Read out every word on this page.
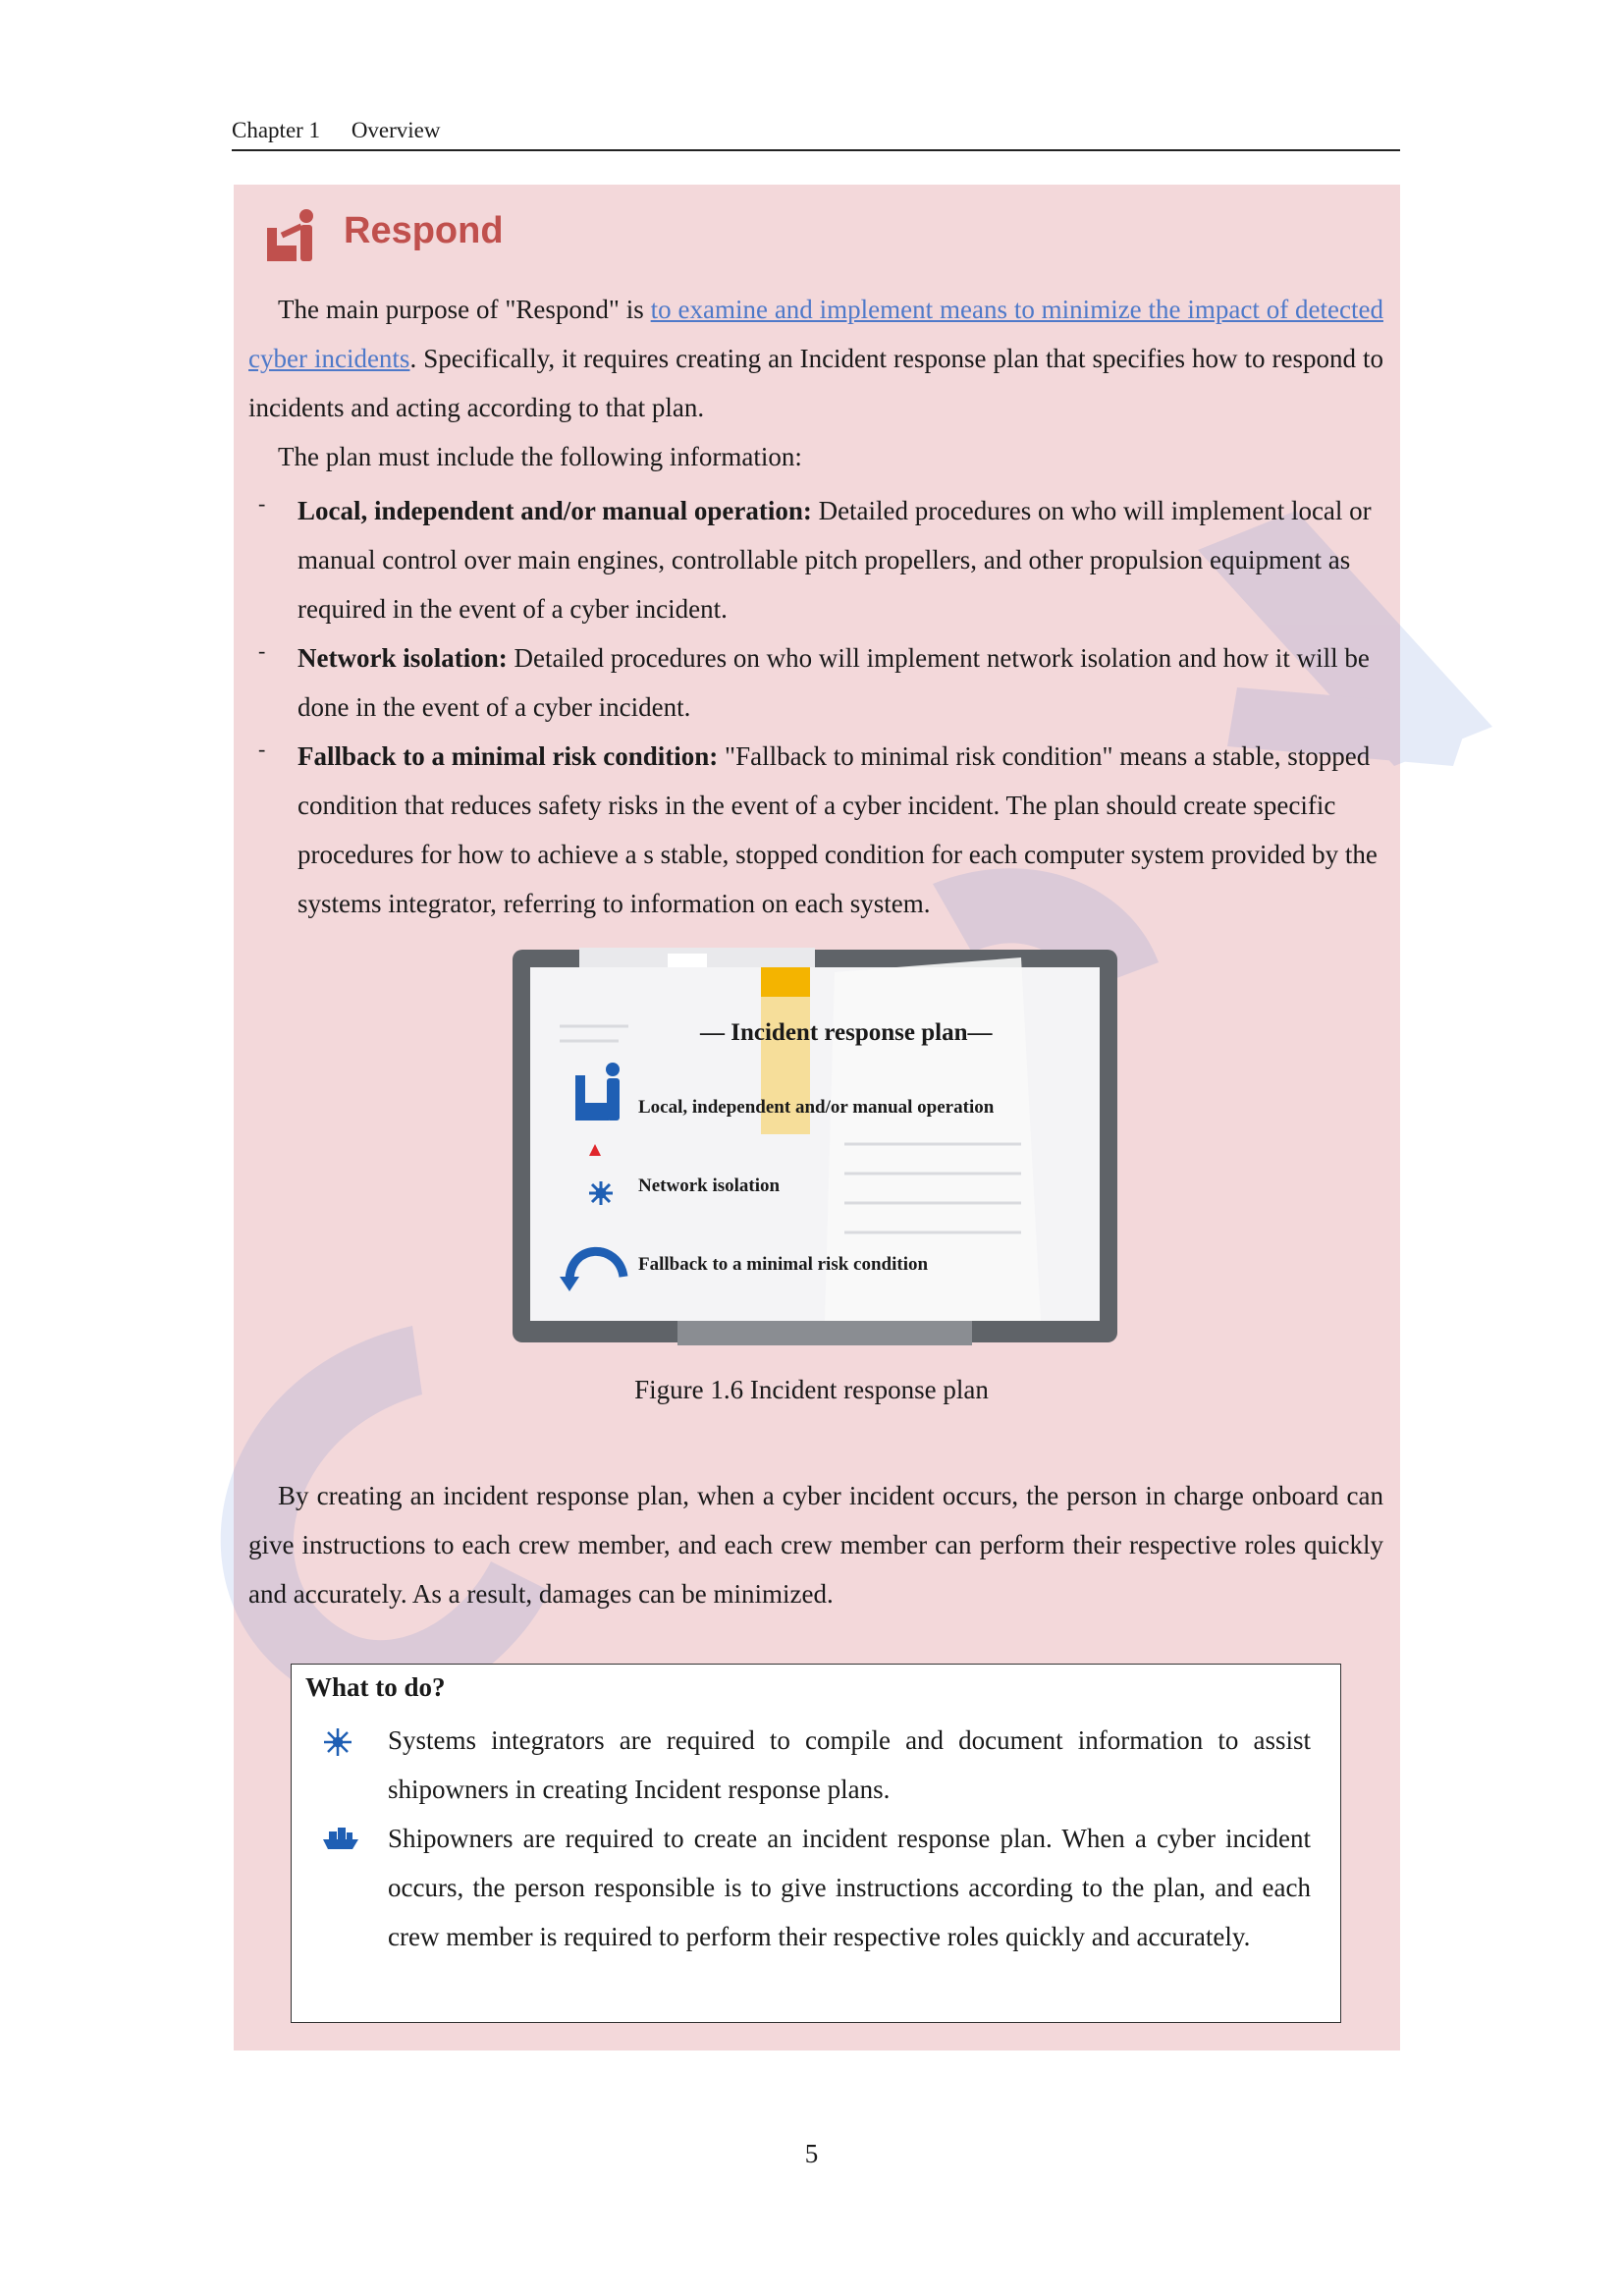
Chapter 1 Overview
Respond
The main purpose of "Respond" is to examine and implement means to minimize the impact of detected cyber incidents. Specifically, it requires creating an Incident response plan that specifies how to respond to incidents and acting according to that plan.
The plan must include the following information:
- Local, independent and/or manual operation: Detailed procedures on who will implement local or manual control over main engines, controllable pitch propellers, and other propulsion equipment as required in the event of a cyber incident.
- Network isolation: Detailed procedures on who will implement network isolation and how it will be done in the event of a cyber incident.
- Fallback to a minimal risk condition: "Fallback to minimal risk condition" means a stable, stopped condition that reduces safety risks in the event of a cyber incident. The plan should create specific procedures for how to achieve a s stable, stopped condition for each computer system provided by the systems integrator, referring to information on each system.
— Incident response plan—
Local, independent and/or manual operation
Network isolation
Fallback to a minimal risk condition
Figure 1.6 Incident response plan
By creating an incident response plan, when a cyber incident occurs, the person in charge onboard can give instructions to each crew member, and each crew member can perform their respective roles quickly and accurately. As a result, damages can be minimized.
What to do?
Systems integrators are required to compile and document information to assist shipowners in creating Incident response plans.
Shipowners are required to create an incident response plan. When a cyber incident occurs, the person responsible is to give instructions according to the plan, and each crew member is required to perform their respective roles quickly and accurately.
5
